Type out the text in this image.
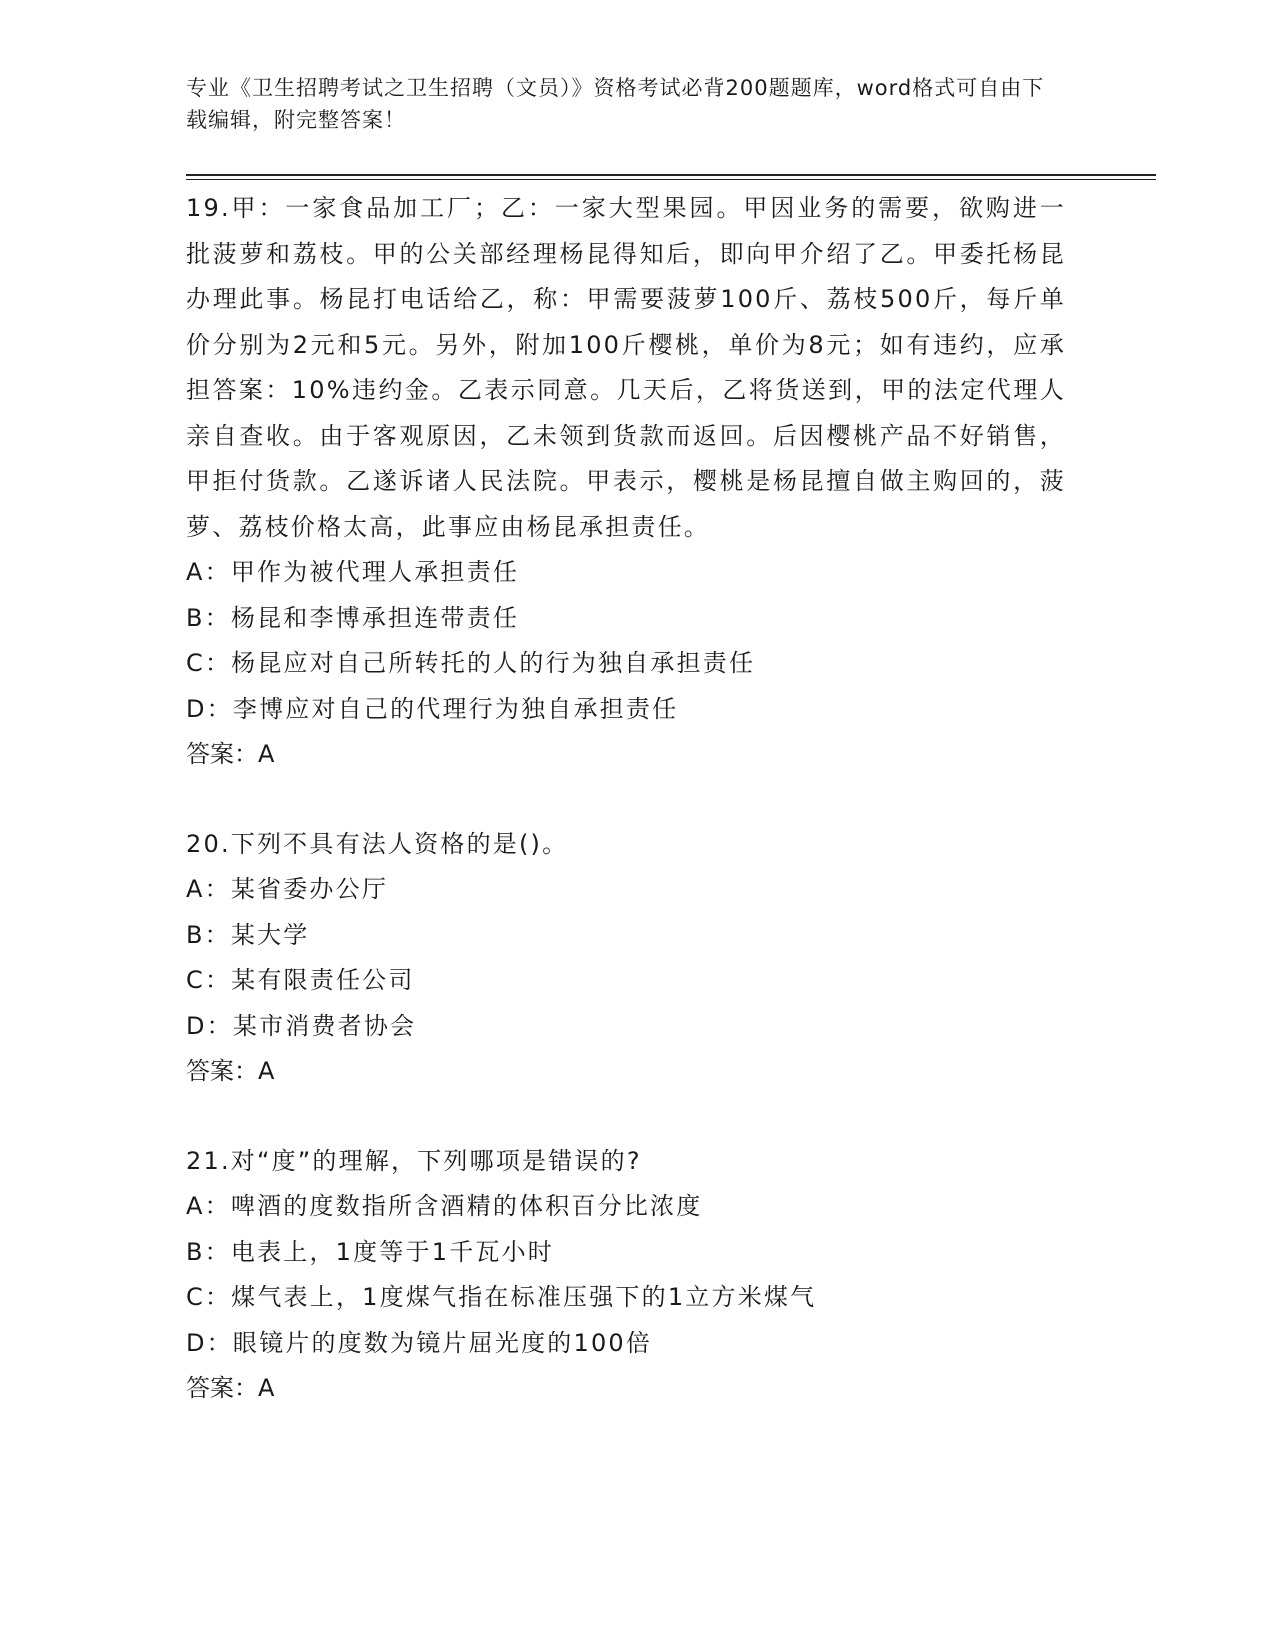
专业《卫生招聘考试之卫生招聘（文员）》资格考试必背200题题库，word格式可自由下载编辑，附完整答案！
19.甲：一家食品加工厂；乙：一家大型果园。甲因业务的需要，欲购进一批菠萝和荔枝。甲的公关部经理杨昆得知后，即向甲介绍了乙。甲委托杨昆办理此事。杨昆打电话给乙，称：甲需要菠萝100斤、荔枝500斤，每斤单价分别为2元和5元。另外，附加100斤樱桃，单价为8元；如有违约，应承担答案：10%违约金。乙表示同意。几天后，乙将货送到，甲的法定代理人亲自查收。由于客观原因，乙未领到货款而返回。后因樱桃产品不好销售，甲拒付货款。乙遂诉诸人民法院。甲表示，樱桃是杨昆擅自做主购回的，菠萝、荔枝价格太高，此事应由杨昆承担责任。
A：甲作为被代理人承担责任
B：杨昆和李博承担连带责任
C：杨昆应对自己所转托的人的行为独自承担责任
D：李博应对自己的代理行为独自承担责任
答案：A
20.下列不具有法人资格的是()。
A：某省委办公厅
B：某大学
C：某有限责任公司
D：某市消费者协会
答案：A
21.对“度”的理解，下列哪项是错误的?
A：啤酒的度数指所含酒精的体积百分比浓度
B：电表上，1度等于1千瓦小时
C：煤气表上，1度煤气指在标准压强下的1立方米煤气
D：眼镜片的度数为镜片屈光度的100倍
答案：A
